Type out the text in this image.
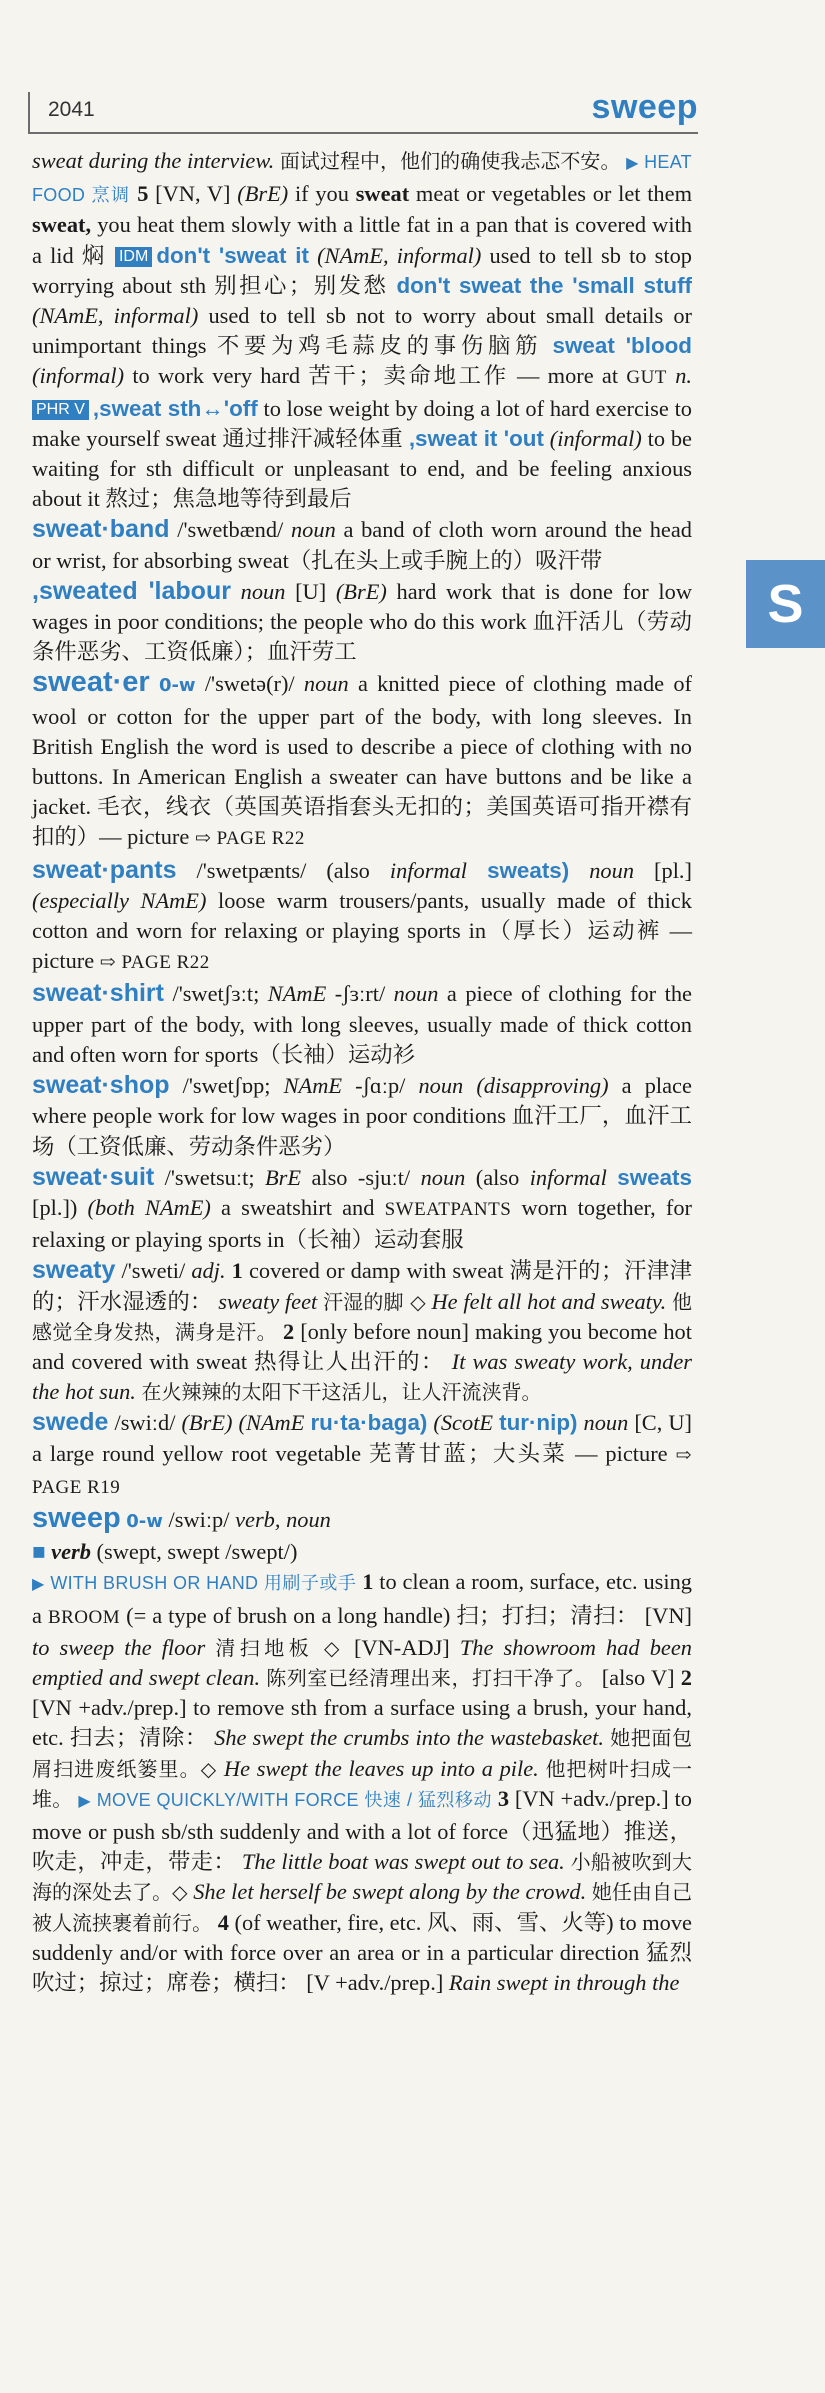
2041	sweep
S

sweat during the interview. 面试过程中，他们的确使我忐忑不安。 ▶ HEAT FOOD 烹调 5 [VN, V] (BrE) if you sweat meat or vegetables or let them sweat, you heat them slowly with a little fat in a pan that is covered with a lid 焖 IDM don't 'sweat it (NAmE, informal) used to tell sb to stop worrying about sth 别担心；别发愁 don't sweat the 'small stuff (NAmE, informal) used to tell sb not to worry about small details or unimportant things 不要为鸡毛蒜皮的事伤脑筋 sweat 'blood (informal) to work very hard 苦干；卖命地工作 — more at GUT n. PHR V ,sweat sth↔'off to lose weight by doing a lot of hard exercise to make yourself sweat 通过排汗减轻体重 ,sweat it 'out (informal) to be waiting for sth difficult or unpleasant to end, and be feeling anxious about it 熬过；焦急地等待到最后

sweat·band /'swetbænd/ noun a band of cloth worn around the head or wrist, for absorbing sweat（扎在头上或手腕上的）吸汗带

,sweated 'labour noun [U] (BrE) hard work that is done for low wages in poor conditions; the people who do this work 血汗活儿（劳动条件恶劣、工资低廉）；血汗劳工

sweat·er 0-w /'swetə(r)/ noun a knitted piece of clothing made of wool or cotton for the upper part of the body, with long sleeves. In British English the word is used to describe a piece of clothing with no buttons. In American English a sweater can have buttons and be like a jacket. 毛衣，线衣（英国英语指套头无扣的；美国英语可指开襟有扣的）— picture ⇨ PAGE R22

sweat·pants /'swetpænts/ (also informal sweats) noun [pl.] (especially NAmE) loose warm trousers/pants, usually made of thick cotton and worn for relaxing or playing sports in（厚长）运动裤 — picture ⇨ PAGE R22

sweat·shirt /'swetʃɜːt; NAmE -ʃɜːrt/ noun a piece of clothing for the upper part of the body, with long sleeves, usually made of thick cotton and often worn for sports（长袖）运动衫

sweat·shop /'swetʃɒp; NAmE -ʃɑːp/ noun (disapproving) a place where people work for low wages in poor conditions 血汗工厂，血汗工场（工资低廉、劳动条件恶劣）

sweat·suit /'swetsuːt; BrE also -sjuːt/ noun (also informal sweats [pl.]) (both NAmE) a sweatshirt and SWEATPANTS worn together, for relaxing or playing sports in（长袖）运动套服

sweaty /'sweti/ adj. 1 covered or damp with sweat 满是汗的；汗津津的；汗水湿透的： sweaty feet 汗湿的脚 ◇ He felt all hot and sweaty. 他感觉全身发热，满身是汗。 2 [only before noun] making you become hot and covered with sweat 热得让人出汗的： It was sweaty work, under the hot sun. 在火辣辣的太阳下干这活儿，让人汗流浃背。

swede /swiːd/ (BrE) (NAmE ru·ta·baga) (ScotE tur·nip) noun [C, U] a large round yellow root vegetable 芜菁甘蓝；大头菜 — picture ⇨ PAGE R19

sweep 0-w /swiːp/ verb, noun

■ verb (swept, swept /swept/)

▶ WITH BRUSH OR HAND 用刷子或手 1 to clean a room, surface, etc. using a BROOM (= a type of brush on a long handle) 扫；打扫；清扫： [VN] to sweep the floor 清扫地板 ◇ [VN-ADJ] The showroom had been emptied and swept clean. 陈列室已经清理出来，打扫干净了。 [also V] 2 [VN +adv./prep.] to remove sth from a surface using a brush, your hand, etc. 扫去；清除： She swept the crumbs into the wastebasket. 她把面包屑扫进废纸篓里。◇ He swept the leaves up into a pile. 他把树叶扫成一堆。 ▶ MOVE QUICKLY/WITH FORCE 快速 / 猛烈移动 3 [VN +adv./prep.] to move or push sb/sth suddenly and with a lot of force（迅猛地）推送，吹走，冲走，带走： The little boat was swept out to sea. 小船被吹到大海的深处去了。◇ She let herself be swept along by the crowd. 她任由自己被人流挟裹着前行。 4 (of weather, fire, etc. 风、雨、雪、火等) to move suddenly and/or with force over an area or in a particular direction 猛烈吹过；掠过；席卷；横扫： [V +adv./prep.] Rain swept in through the
